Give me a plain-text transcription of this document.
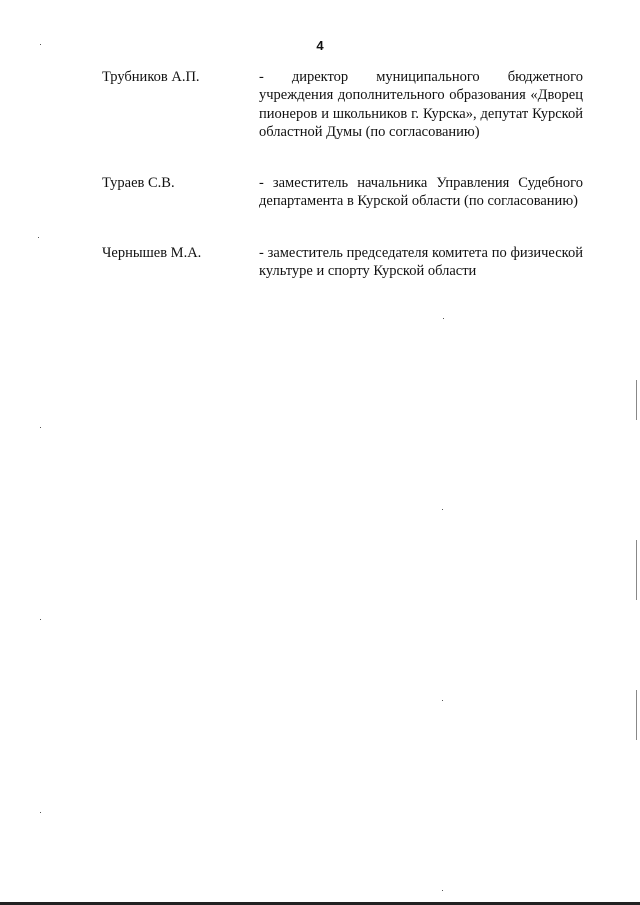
4
Трубников А.П.	- директор муниципального бюджетного учреждения дополнительного образования «Дворец пионеров и школьников г. Курска», депутат Курской областной Думы (по согласованию)
Тураев С.В.	- заместитель начальника Управления Судебного департамента в Курской области (по согласованию)
Чернышев М.А.	- заместитель председателя комитета по физической культуре и спорту Курской области
